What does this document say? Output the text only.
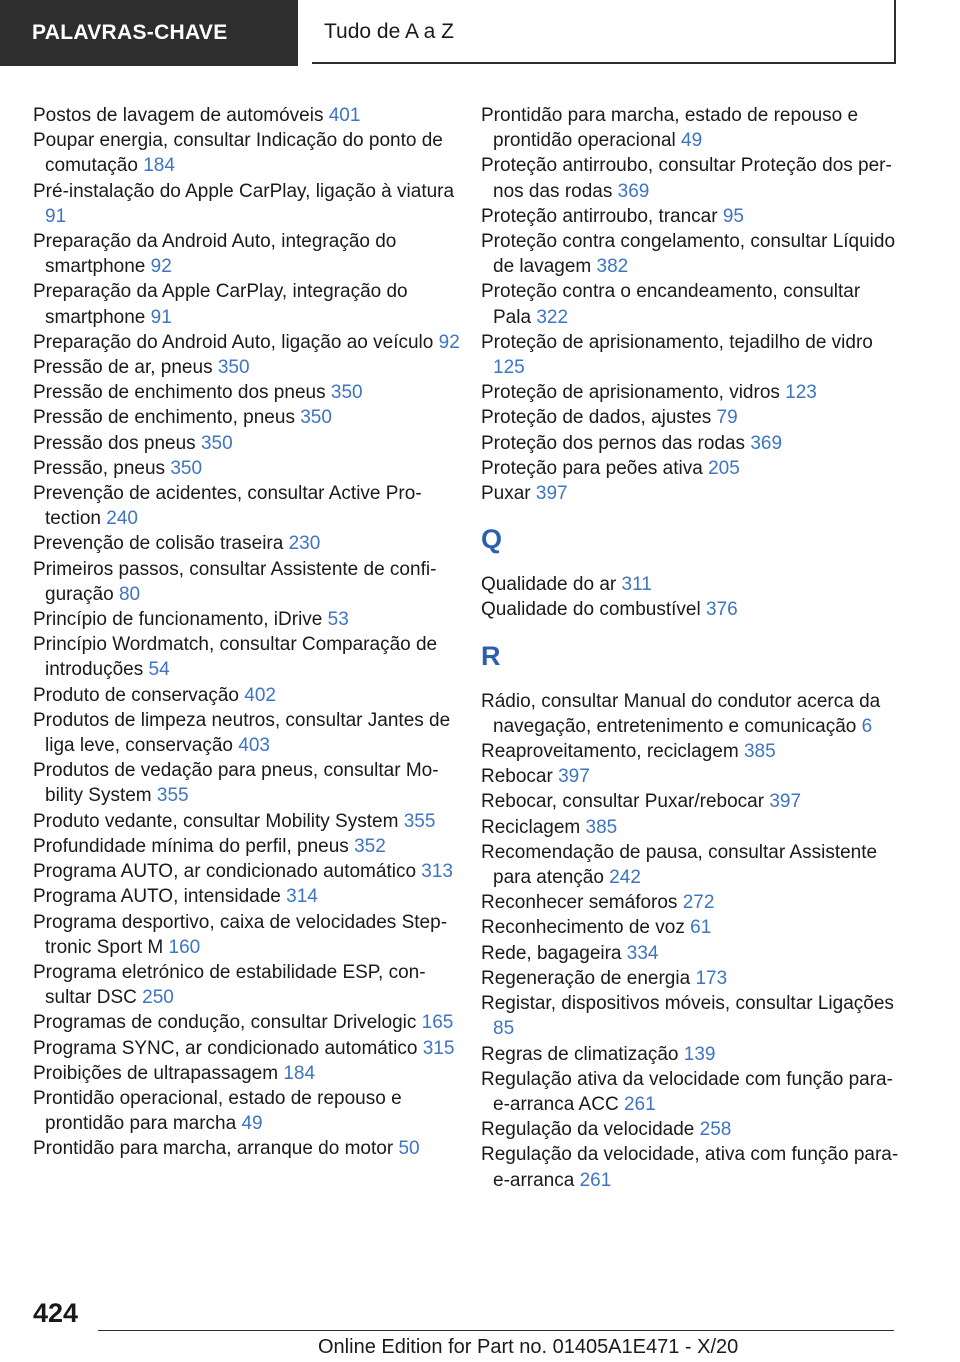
PALAVRAS-CHAVE	Tudo de A a Z
Postos de lavagem de automóveis 401
Poupar energia, consultar Indicação do ponto de comutação 184
Pré-instalação do Apple CarPlay, ligação à viatura 91
Preparação da Android Auto, integração do smartphone 92
Preparação da Apple CarPlay, integração do smartphone 91
Preparação do Android Auto, ligação ao veículo 92
Pressão de ar, pneus 350
Pressão de enchimento dos pneus 350
Pressão de enchimento, pneus 350
Pressão dos pneus 350
Pressão, pneus 350
Prevenção de acidentes, consultar Active Protection 240
Prevenção de colisão traseira 230
Primeiros passos, consultar Assistente de configuração 80
Princípio de funcionamento, iDrive 53
Princípio Wordmatch, consultar Comparação de introduções 54
Produto de conservação 402
Produtos de limpeza neutros, consultar Jantes de liga leve, conservação 403
Produtos de vedação para pneus, consultar Mobility System 355
Produto vedante, consultar Mobility System 355
Profundidade mínima do perfil, pneus 352
Programa AUTO, ar condicionado automático 313
Programa AUTO, intensidade 314
Programa desportivo, caixa de velocidades Steptronic Sport M 160
Programa eletrónico de estabilidade ESP, consultar DSC 250
Programas de condução, consultar Drivelogic 165
Programa SYNC, ar condicionado automático 315
Proibições de ultrapassagem 184
Prontidão operacional, estado de repouso e prontidão para marcha 49
Prontidão para marcha, arranque do motor 50
Prontidão para marcha, estado de repouso e prontidão operacional 49
Proteção antirroubo, consultar Proteção dos pernos das rodas 369
Proteção antirroubo, trancar 95
Proteção contra congelamento, consultar Líquido de lavagem 382
Proteção contra o encandeamento, consultar Pala 322
Proteção de aprisionamento, tejadilho de vidro 125
Proteção de aprisionamento, vidros 123
Proteção de dados, ajustes 79
Proteção dos pernos das rodas 369
Proteção para peões ativa 205
Puxar 397
Q
Qualidade do ar 311
Qualidade do combustível 376
R
Rádio, consultar Manual do condutor acerca da navegação, entretenimento e comunicação 6
Reaproveitamento, reciclagem 385
Rebocar 397
Rebocar, consultar Puxar/rebocar 397
Reciclagem 385
Recomendação de pausa, consultar Assistente para atenção 242
Reconhecer semáforos 272
Reconhecimento de voz 61
Rede, bagageira 334
Regeneração de energia 173
Registar, dispositivos móveis, consultar Ligações 85
Regras de climatização 139
Regulação ativa da velocidade com função para-e-arranca ACC 261
Regulação da velocidade 258
Regulação da velocidade, ativa com função para-e-arranca 261
424
Online Edition for Part no. 01405A1E471 - X/20
